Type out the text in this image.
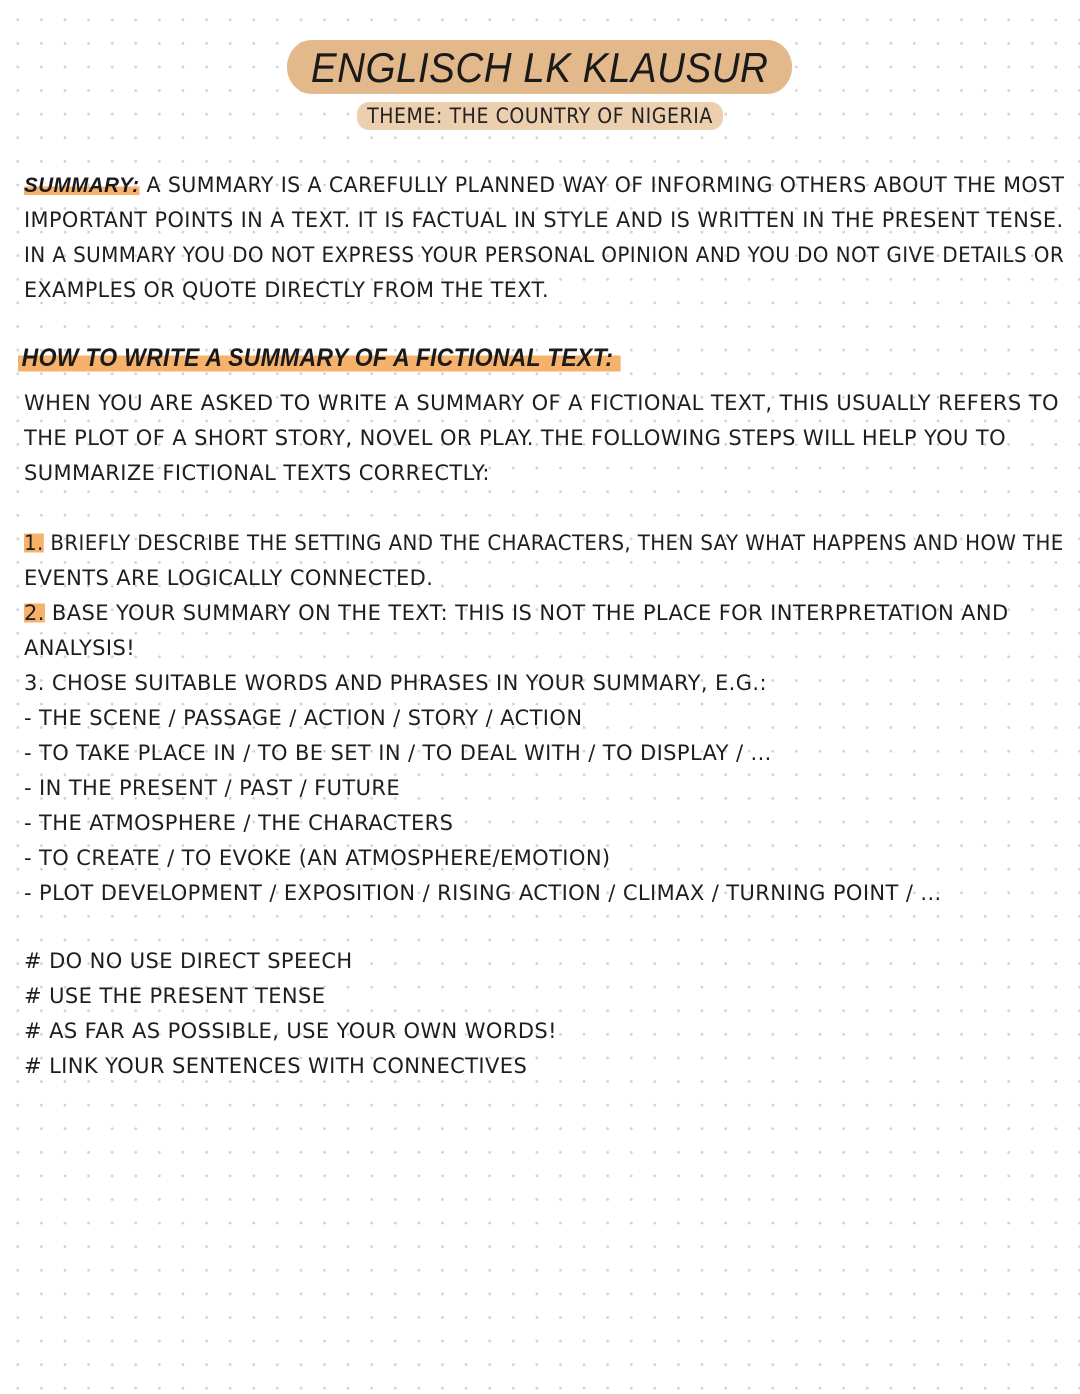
ENGLISCH LK KLAUSUR
THEME: THE COUNTRY OF NIGERIA
SUMMARY: A SUMMARY IS A CAREFULLY PLANNED WAY OF INFORMING OTHERS ABOUT THE MOST
IMPORTANT POINTS IN A TEXT. IT IS FACTUAL IN STYLE AND IS WRITTEN IN THE PRESENT TENSE.
IN A SUMMARY YOU DO NOT EXPRESS YOUR PERSONAL OPINION AND YOU DO NOT GIVE DETAILS OR
EXAMPLES OR QUOTE DIRECTLY FROM THE TEXT.
HOW TO WRITE A SUMMARY OF A FICTIONAL TEXT:
WHEN YOU ARE ASKED TO WRITE A SUMMARY OF A FICTIONAL TEXT, THIS USUALLY REFERS TO
THE PLOT OF A SHORT STORY, NOVEL OR PLAY. THE FOLLOWING STEPS WILL HELP YOU TO
SUMMARIZE FICTIONAL TEXTS CORRECTLY:
1. BRIEFLY DESCRIBE THE SETTING AND THE CHARACTERS, THEN SAY WHAT HAPPENS AND HOW THE
EVENTS ARE LOGICALLY CONNECTED.
2. BASE YOUR SUMMARY ON THE TEXT: THIS IS NOT THE PLACE FOR INTERPRETATION AND
ANALYSIS!
3. CHOSE SUITABLE WORDS AND PHRASES IN YOUR SUMMARY, E.G.:
- THE SCENE / PASSAGE / ACTION / STORY / ACTION
- TO TAKE PLACE IN / TO BE SET IN / TO DEAL WITH / TO DISPLAY / ...
- IN THE PRESENT / PAST / FUTURE
- THE ATMOSPHERE / THE CHARACTERS
- TO CREATE / TO EVOKE (AN ATMOSPHERE/EMOTION)
- PLOT DEVELOPMENT / EXPOSITION / RISING ACTION / CLIMAX / TURNING POINT / ...
# DO NO USE DIRECT SPEECH
# USE THE PRESENT TENSE
# AS FAR AS POSSIBLE, USE YOUR OWN WORDS!
# LINK YOUR SENTENCES WITH CONNECTIVES
